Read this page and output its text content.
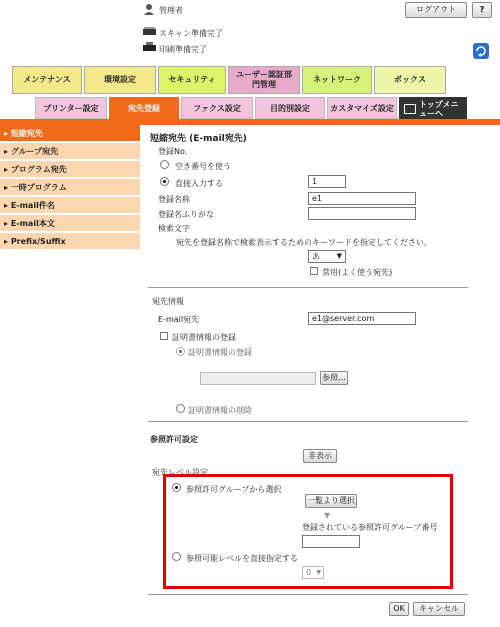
管理者	ログアウト	?
スキャン準備完了
印刷準備完了
メンテナンス	環境設定	セキュリティ
ユーザー認証部門管理
ネットワーク	ボックス
プリンター設定	宛先登録	ファクス設定	目的別設定	カスタマイズ設定	トップメニューへ
▸ 短縮宛先
▸ グループ宛先
▸ プログラム宛先
▸ 一時プログラム
▸ E-mail件名
▸ E-mail本文
▸ Prefix/Suffix
短縮宛先 (E-mail宛先)
登録No.
空き番号を使う
直接入力する	1
登録名称	e1
登録名ふりがな
検索文字
宛先を登録名称で検索表示するためのキーワードを指定してください。
あ ▼
常用(よく使う宛先)
宛先情報
E-mail宛先	e1@server.com
証明書情報の登録
証明書情報の登録
参照...
証明書情報の削除
参照許可設定
非表示
宛先レベル設定
参照許可グループから選択
一覧より選択
▼
登録されている参照許可グループ番号
参照可能レベルを直接指定する
0 ▼
OK	キャンセル
